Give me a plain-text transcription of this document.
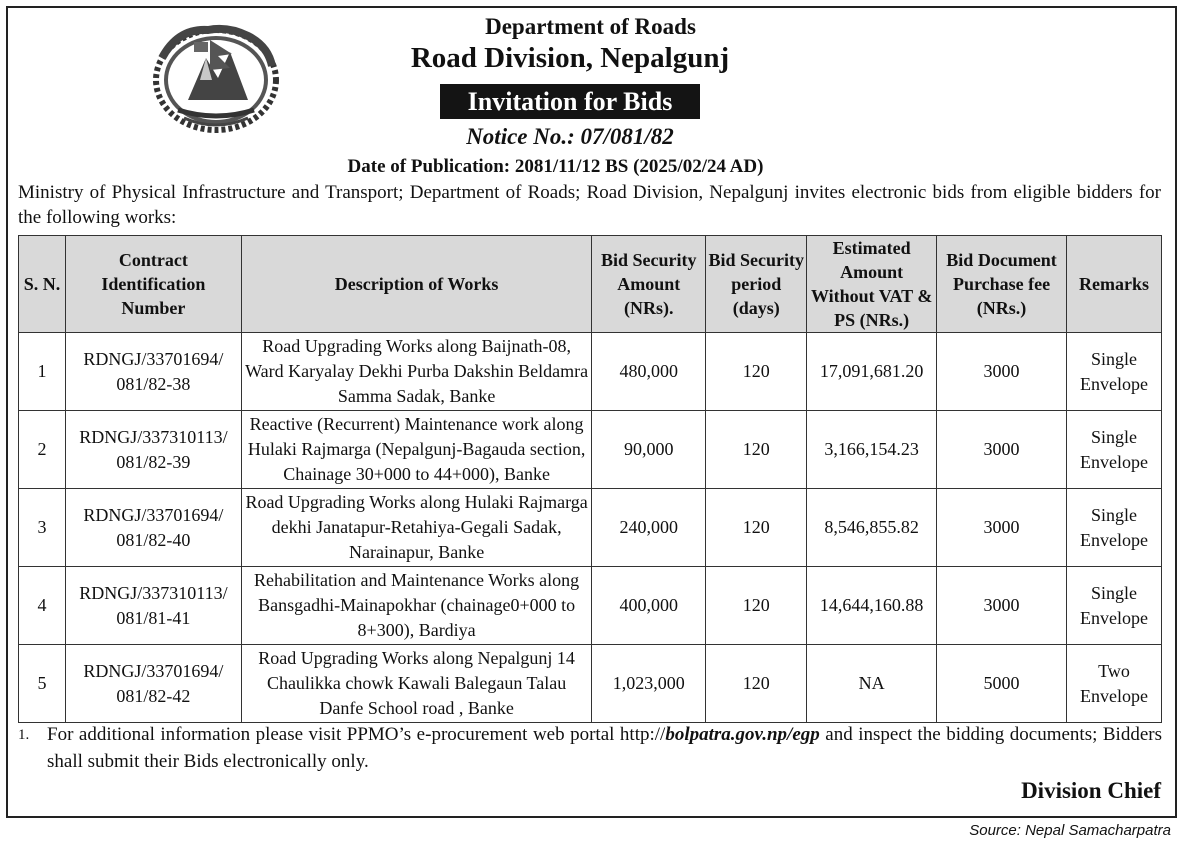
Department of Roads
Road Division, Nepalgunj
Invitation for Bids
Notice No.: 07/081/82
Date of Publication: 2081/11/12 BS (2025/02/24 AD)

Ministry of Physical Infrastructure and Transport; Department of Roads; Road Division, Nepalgunj invites electronic bids from eligible bidders for the following works:

S. N.	Contract Identification Number	Description of Works	Bid Security Amount (NRs).	Bid Security period (days)	Estimated Amount Without VAT & PS (NRs.)	Bid Document Purchase fee (NRs.)	Remarks
1	RDNGJ/33701694/ 081/82-38	Road Upgrading Works along Baijnath-08, Ward Karyalay Dekhi Purba Dakshin Beldamra Samma Sadak, Banke	480,000	120	17,091,681.20	3000	Single Envelope
2	RDNGJ/337310113/ 081/82-39	Reactive (Recurrent) Maintenance work along Hulaki Rajmarga (Nepalgunj-Bagauda section, Chainage 30+000 to 44+000), Banke	90,000	120	3,166,154.23	3000	Single Envelope
3	RDNGJ/33701694/ 081/82-40	Road Upgrading Works along Hulaki Rajmarga dekhi Janatapur-Retahiya-Gegali Sadak, Narainapur, Banke	240,000	120	8,546,855.82	3000	Single Envelope
4	RDNGJ/337310113/ 081/81-41	Rehabilitation and Maintenance Works along Bansgadhi-Mainapokhar (chainage0+000 to 8+300), Bardiya	400,000	120	14,644,160.88	3000	Single Envelope
5	RDNGJ/33701694/ 081/82-42	Road Upgrading Works along Nepalgunj 14 Chaulikka chowk Kawali Balegaun Talau Danfe School road , Banke	1,023,000	120	NA	5000	Two Envelope
1. For additional information please visit PPMO’s e-procurement web portal http://bolpatra.gov.np/egp and inspect the bidding documents; Bidders shall submit their Bids electronically only.
Division Chief
Source: Nepal Samacharpatra
